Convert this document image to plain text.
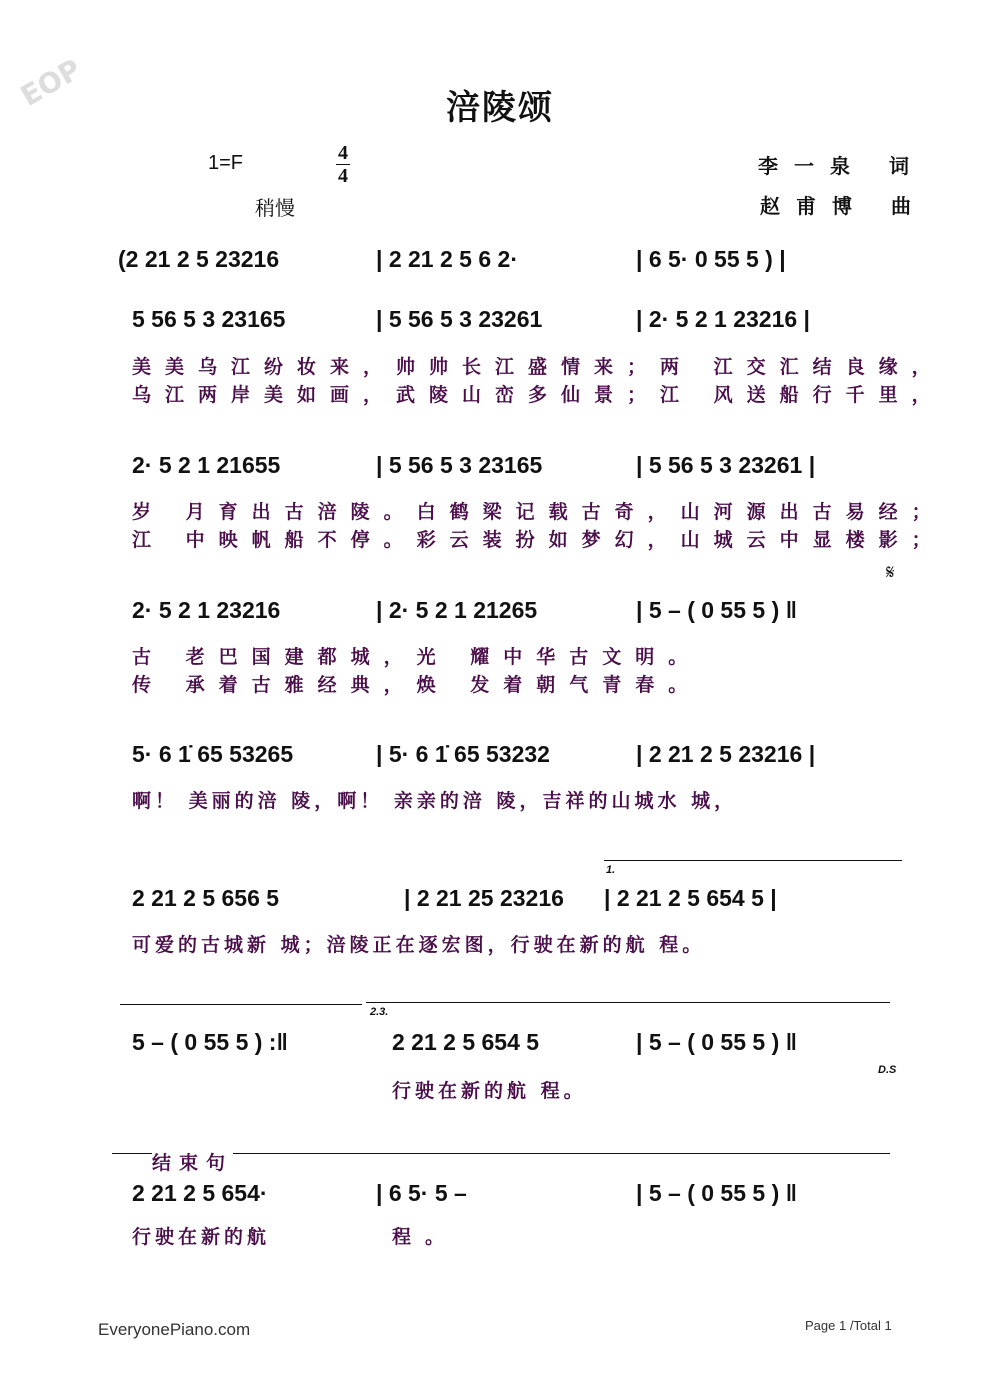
EOP	涪陵颂
1=F	4
4
稍慢
李一泉 词
赵甫博 曲
(2 21 2 5 23216	| 2 21 2 5 6 2·	| 6 5· 0 55 5 ) |
5 56 5 3 23165	| 5 56 5 3 23261	| 2· 5 2 1 23216 |
美美乌江纷妆来，帅帅长江盛情来；两 江交汇结良缘，
乌江两岸美如画，武陵山峦多仙景；江 风送船行千里，
2· 5 2 1 21655	| 5 56 5 3 23165	| 5 56 5 3 23261 |
岁 月育出古涪陵。白鹤梁记载古奇，山河源出古易经；
江 中映帆船不停。彩云装扮如梦幻，山城云中显楼影；
2· 5 2 1 23216	| 2· 5 2 1 21265	| 5 – ( 0 55 5 ) ‖
𝄋
古 老巴国建都城，光 耀中华古文明。
传 承着古雅经典，焕 发着朝气青春。
5· 6 1̇ 65 53265	| 5· 6 1̇ 65 53232	| 2 21 2 5 23216 |
啊！ 美丽的涪 陵，啊！ 亲亲的涪 陵，吉祥的山城水 城，
1.
2 21 2 5 656 5	| 2 21 25 23216 | 2 21 2 5 654 5 |
可爱的古城新 城；涪陵正在逐宏图，行驶在新的航 程。
2.3.
5 – ( 0 55 5 ) :‖	2 21 2 5 654 5	| 5 – ( 0 55 5 ) ‖
D.S
行驶在新的航 程。
结束句
2 21 2 5 654·	| 6 5· 5 –	| 5 – ( 0 55 5 ) ‖
行驶在新的航	程。
EveryonePiano.com	Page 1 /Total 1
